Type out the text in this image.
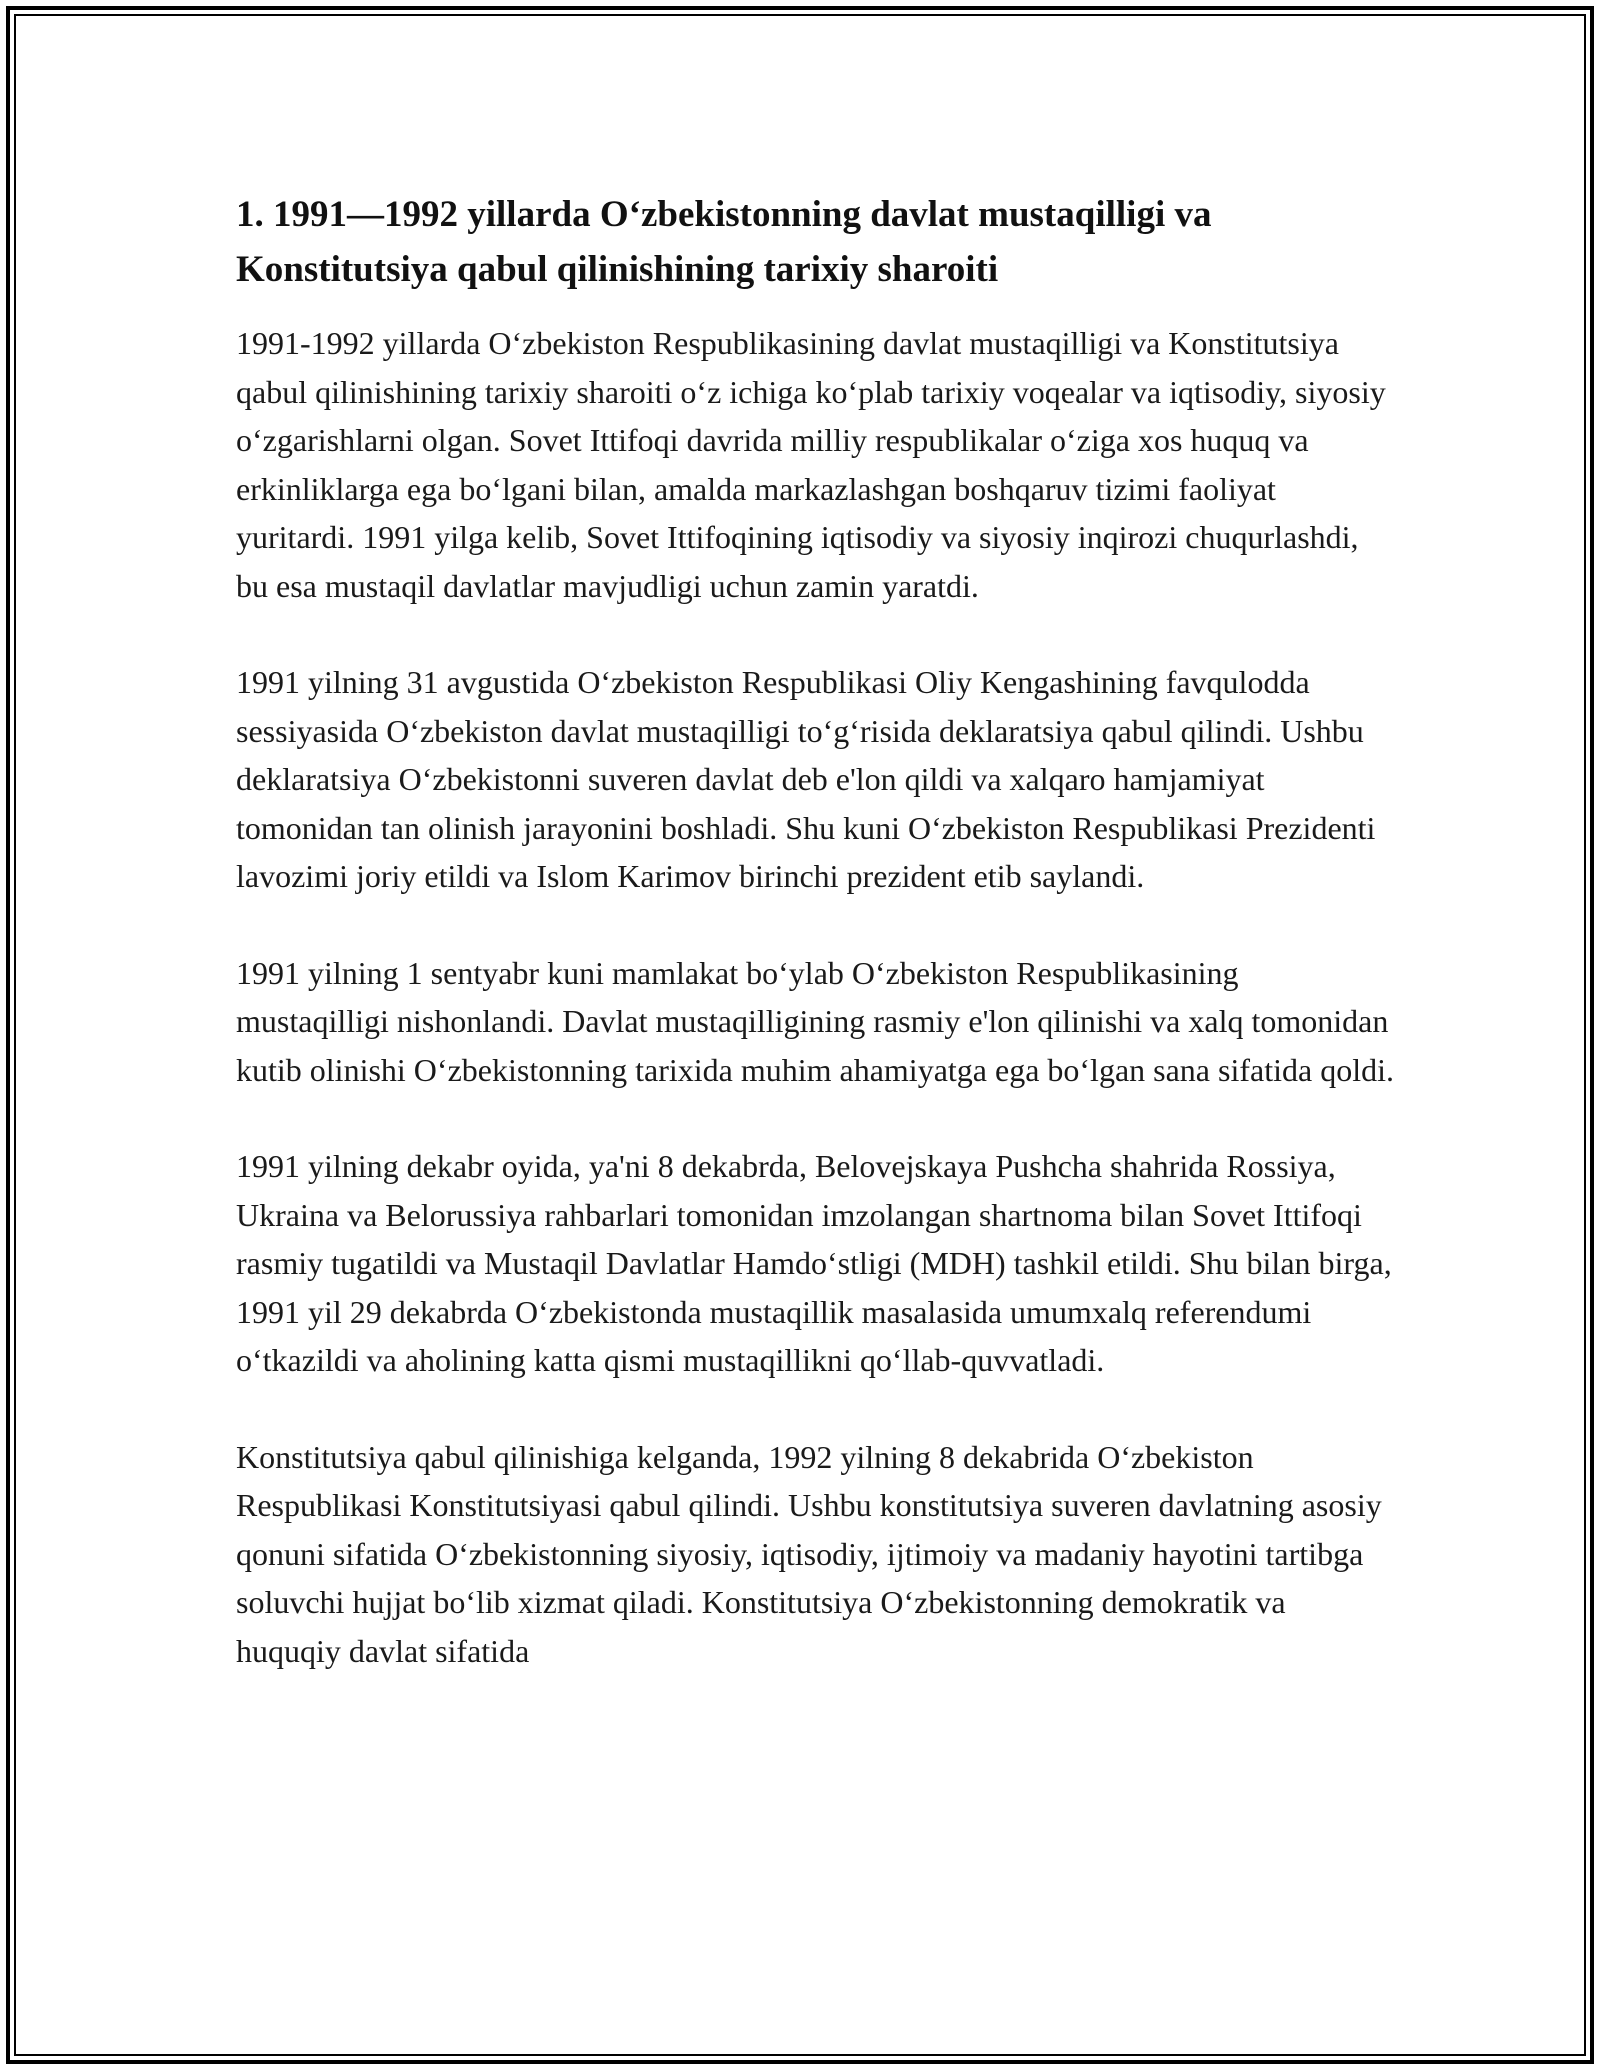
1. 1991—1992 yillarda O‘zbekistonning davlat mustaqilligi va Konstitutsiya qabul qilinishining tarixiy sharoiti

1991-1992 yillarda O‘zbekiston Respublikasining davlat mustaqilligi va Konstitutsiya qabul qilinishining tarixiy sharoiti o‘z ichiga ko‘plab tarixiy voqealar va iqtisodiy, siyosiy o‘zgarishlarni olgan. Sovet Ittifoqi davrida milliy respublikalar o‘ziga xos huquq va erkinliklarga ega bo‘lgani bilan, amalda markazlashgan boshqaruv tizimi faoliyat yuritardi. 1991 yilga kelib, Sovet Ittifoqining iqtisodiy va siyosiy inqirozi chuqurlashdi, bu esa mustaqil davlatlar mavjudligi uchun zamin yaratdi.

1991 yilning 31 avgustida O‘zbekiston Respublikasi Oliy Kengashining favqulodda sessiyasida O‘zbekiston davlat mustaqilligi to‘g‘risida deklaratsiya qabul qilindi. Ushbu deklaratsiya O‘zbekistonni suveren davlat deb e'lon qildi va xalqaro hamjamiyat tomonidan tan olinish jarayonini boshladi. Shu kuni O‘zbekiston Respublikasi Prezidenti lavozimi joriy etildi va Islom Karimov birinchi prezident etib saylandi.

1991 yilning 1 sentyabr kuni mamlakat bo‘ylab O‘zbekiston Respublikasining mustaqilligi nishonlandi. Davlat mustaqilligining rasmiy e'lon qilinishi va xalq tomonidan kutib olinishi O‘zbekistonning tarixida muhim ahamiyatga ega bo‘lgan sana sifatida qoldi.

1991 yilning dekabr oyida, ya'ni 8 dekabrda, Belovejskaya Pushcha shahrida Rossiya, Ukraina va Belorussiya rahbarlari tomonidan imzolangan shartnoma bilan Sovet Ittifoqi rasmiy tugatildi va Mustaqil Davlatlar Hamdo‘stligi (MDH) tashkil etildi. Shu bilan birga, 1991 yil 29 dekabrda O‘zbekistonda mustaqillik masalasida umumxalq referendumi o‘tkazildi va aholining katta qismi mustaqillikni qo‘llab-quvvatladi.

Konstitutsiya qabul qilinishiga kelganda, 1992 yilning 8 dekabrida O‘zbekiston Respublikasi Konstitutsiyasi qabul qilindi. Ushbu konstitutsiya suveren davlatning asosiy qonuni sifatida O‘zbekistonning siyosiy, iqtisodiy, ijtimoiy va madaniy hayotini tartibga soluvchi hujjat bo‘lib xizmat qiladi. Konstitutsiya O‘zbekistonning demokratik va huquqiy davlat sifatida
